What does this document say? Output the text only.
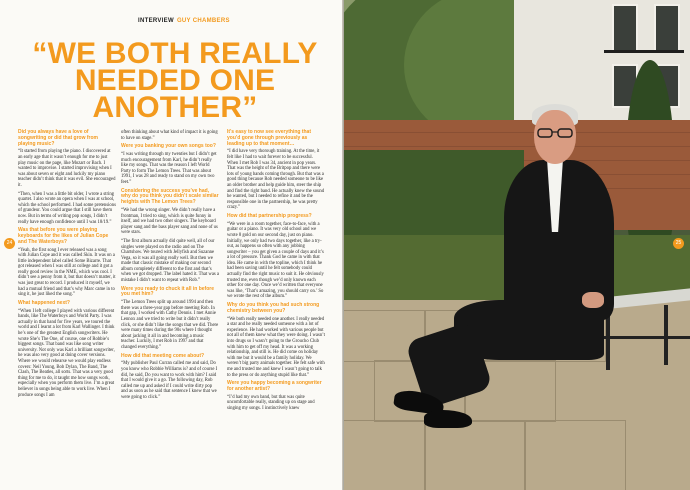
INTERVIEW GUY CHAMBERS
“WE BOTH REALLY NEEDED ONE ANOTHER”
24
Did you always have a love of songwriting or did that grow from playing music?

“It started from playing the piano. I discovered at an early age that it wasn’t enough for me to just play music on the page, like Mozart or Bach. I wanted to improvise. I started improvising when I was about seven or eight and luckily my piano teacher didn’t think that it was evil. She encouraged it.

“Then, when I was a little bit older, I wrote a string quartet. I also wrote an opera when I was at school, which the school performed. I had some pretensions of grandeur. You could argue that I still have them now. But in terms of writing pop songs, I didn’t really have enough confidence until I was 18/19.”

Was that before you were playing keyboards for the likes of Julian Cope and The Waterboys?

“Yeah, the first song I ever released was a song with Julian Cope and it was called Skin. It was on a little independent label called Some Bizarre. That got released when I was still at college and it got a really good review in the NME, which was cool. I didn’t see a penny from it, but that doesn’t matter, it was just great to record. I produced it myself, we had a mutual friend and that’s why Marc came in to sing it, he just liked the song.”

What happened next?

“When I left college I played with various different bands, like The Waterboys and World Party. I was actually in that band for five years, we toured the world and I learnt a lot from Karl Wallinger. I think he’s one of the greatest English songwriters. He wrote She’s The One, of course, one of Robbie’s biggest songs. That band was like song writer university. Not only was Karl a brilliant songwriter, he was also very good at doing cover versions. Where we would rehearse we would play endless covers: Neil Young, Bob Dylan, The Band, The Clash, The Beatles, all sorts. That was a very good thing for me to do, it taught me how songs work, especially when you perform them live. I’m a great believer in songs being able to work live. When I produce songs I am

often thinking about what kind of impact it is going to have on stage.”

Were you banking your own songs too?

“I was writing through my twenties but I didn’t get much encouragement from Karl, he didn’t really like my songs. That was the reason I left World Party to form The Lemon Trees. That was about 1991, I was 28 and ready to stand on my own two feet.”

Considering the success you’ve had, why do you think you didn’t scale similar heights with The Lemon Trees?

“We had the wrong singer. We didn’t really have a frontman, I tried to sing, which is quite funny in itself, and we had two other singers. The keyboard player sang and the bass player sang and none of us were stars.

“The first album actually did quite well, all of our singles were played on the radio and on The Chartshow. We toured with Jellyfish and Suzanne Vega, so it was all going really well. But then we made that classic mistake of making our second album completely different to the first and that’s when we got dropped. The label hated it. That was a mistake I didn’t want to repeat with Rob.”

Were you ready to chuck it all in before you met him?

“The Lemon Trees split up around 1994 and then there was a three-year gap before meeting Rob. In that gap, I worked with Cathy Dennis. I met Annie Lennox and we tried to write but it didn’t really click, or she didn’t like the songs that we did. There were many times during the 90s where I thought about jacking it all in and becoming a music teacher. Luckily, I met Rob in 1997 and that changed everything.”

How did that meeting come about?

“My publisher Paul Curran called me and said, Do you know who Robbie Williams is? and of course I did, he said, Do you want to work with him? I said that I would give it a go. The following day, Rob called me up and asked if I could write dirty pop and as soon as he said that sentence I knew that we were going to click.”

It’s easy to now see everything that you’d gone through previously as leading up to that moment…

“I did have very thorough training. At the time, it felt like I had to wait forever to be successful. When I met Rob I was 34, ancient in pop years. That was the height of the Britpop and there were lots of young bands coming through. But that was a good thing because Rob needed someone to be like an older brother and help guide him, steer the ship and find the right band. He actually knew the sound he wanted, but I needed to refine it and be the responsible one in the partnership, he was pretty crazy.”

How did that partnership progress?

“We were in a room together, face-to-face, with a guitar or a piano. It was very old school and we wrote 8 gold on our second day, just on piano. Initially, we only had two days together, like a try-out, as happens so often with any jobbing songwriter – you get given a couple of days and it’s a lot of pressure. Thank God he came in with that idea. He came in with the topline, which I think he had been saving until he felt somebody could actually find the right music to suit it. He obviously trusted me, even though we’d only known each other for one day. Once we’d written that everyone was like, ‘That’s amazing, you should carry on.’ So we wrote the rest of the album.”

Why do you think you had such strong chemistry between you?

“We both really needed one another. I really needed a star and he really needed someone with a lot of experience. He had worked with various people but not all of them knew what they were doing. I wasn’t into drugs so I wasn’t going to the Groucho Club with him to get off my head. It was a working relationship, and still is. He did come on holiday with me but it would be a family holiday. We weren’t big party animals together. He felt safe with me and trusted me and knew I wasn’t going to talk to the press or do anything stupid like that.”

Were you happy becoming a songwriter for another artist?

“I’d had my own band, but that was quite uncomfortable really, standing up on stage and singing my songs. I instinctively knew

25
